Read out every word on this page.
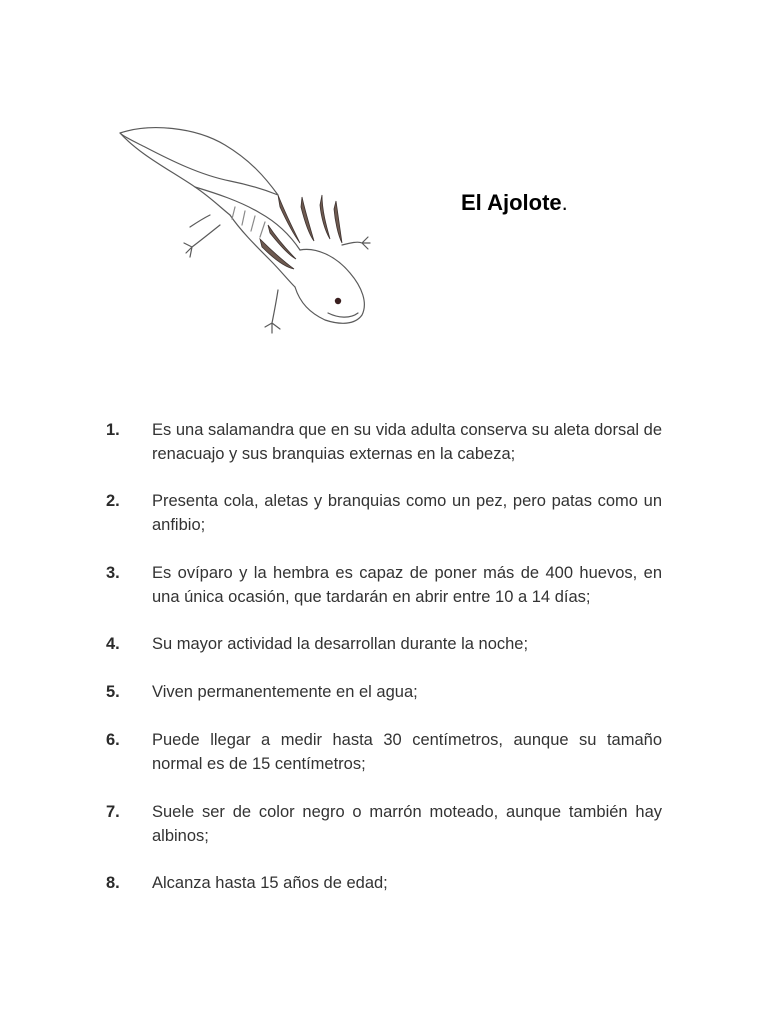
El Ajolote.
1.	Es una salamandra que en su vida adulta conserva su aleta dorsal de renacuajo y sus branquias externas en la cabeza;
2.	Presenta cola, aletas y branquias como un pez, pero patas como un anfibio;
3.	Es ovíparo y la hembra es capaz de poner más de 400 huevos, en una única ocasión, que tardarán en abrir entre 10 a 14 días;
4.	Su mayor actividad la desarrollan durante la noche;
5.	Viven permanentemente en el agua;
6.	Puede llegar a medir hasta 30 centímetros, aunque su tamaño normal es de 15 centímetros;
7.	Suele ser de color negro o marrón moteado, aunque también hay albinos;
8.	Alcanza hasta 15 años de edad;
